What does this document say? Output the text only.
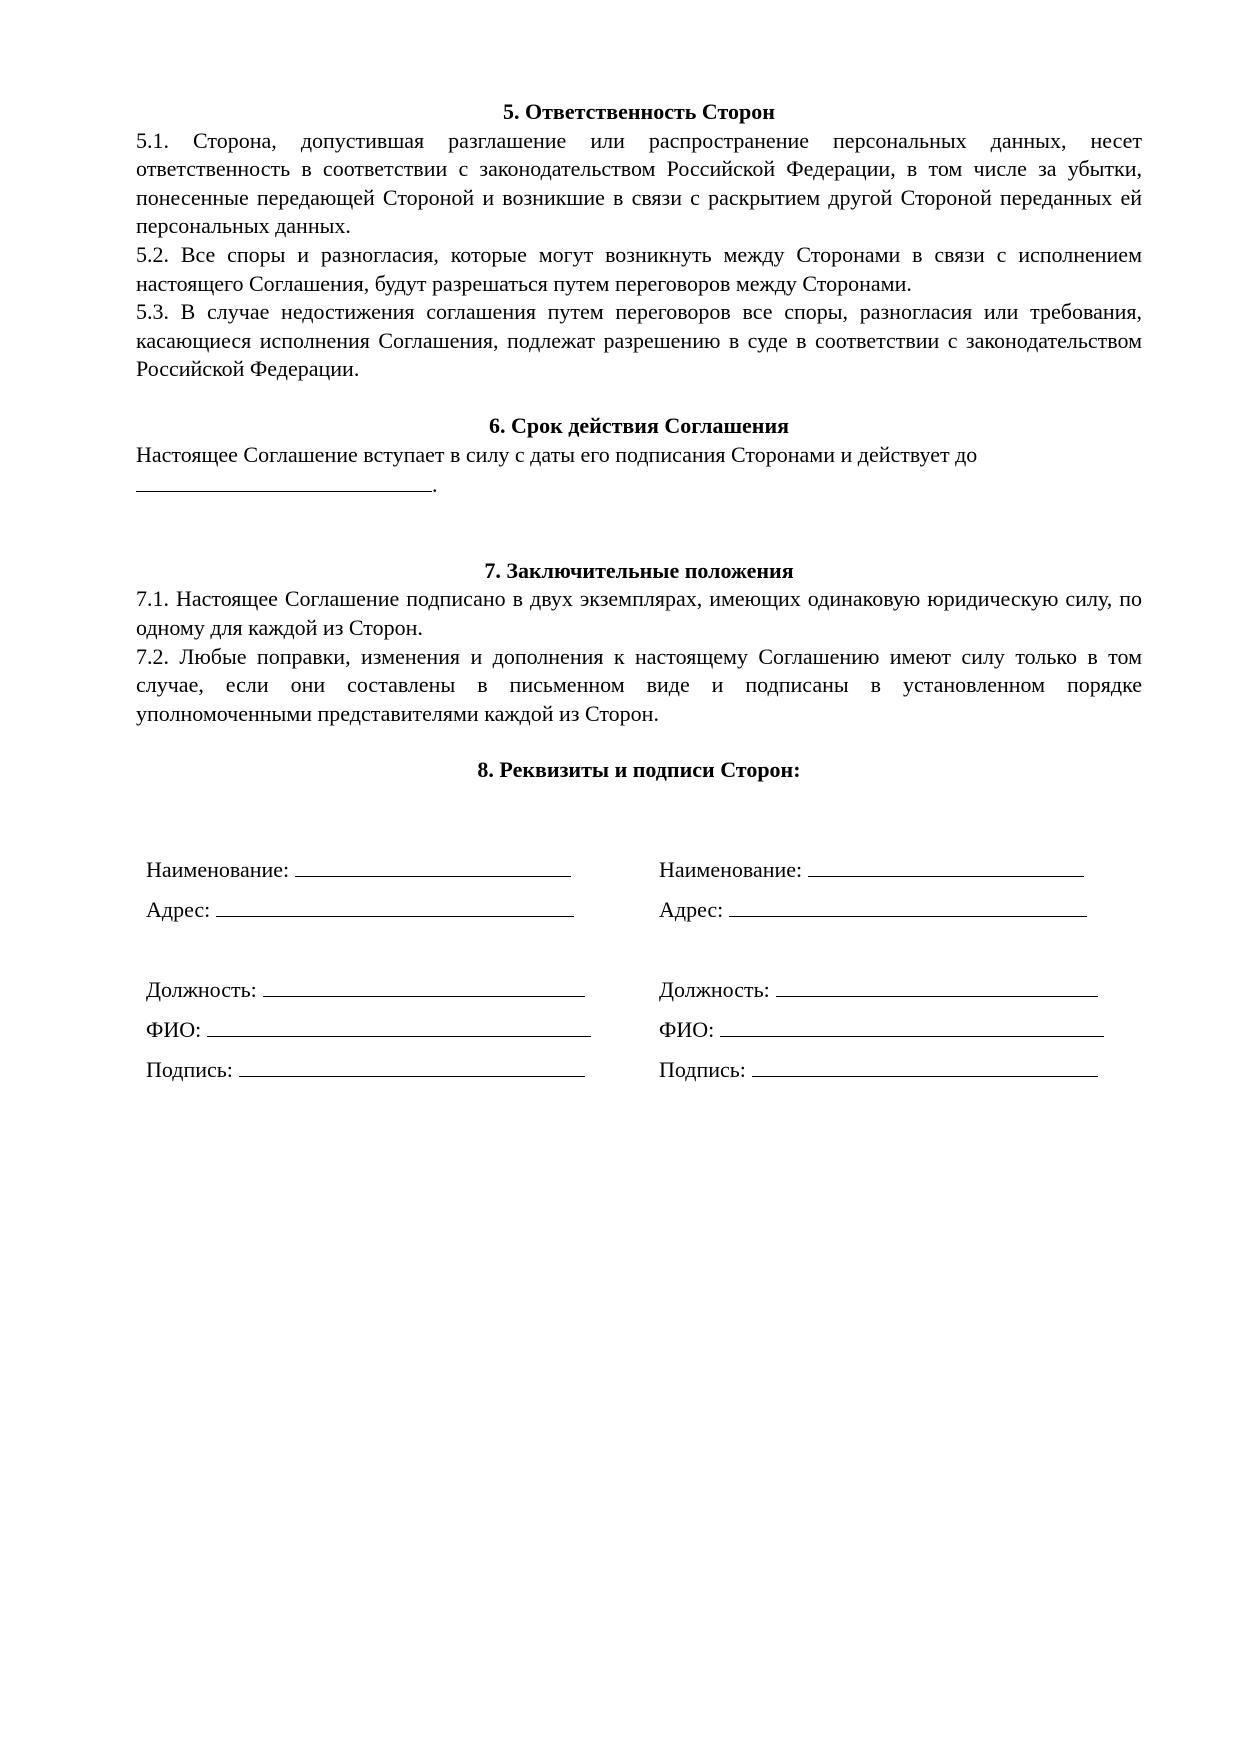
5. Ответственность Сторон

5.1. Сторона, допустившая разглашение или распространение персональных данных, несет ответственность в соответствии с законодательством Российской Федерации, в том числе за убытки, понесенные передающей Стороной и возникшие в связи с раскрытием другой Стороной переданных ей персональных данных.

5.2. Все споры и разногласия, которые могут возникнуть между Сторонами в связи с исполнением настоящего Соглашения, будут разрешаться путем переговоров между Сторонами.

5.3. В случае недостижения соглашения путем переговоров все споры, разногласия или требования, касающиеся исполнения Соглашения, подлежат разрешению в суде в соответствии с законодательством Российской Федерации.

6. Срок действия Соглашения

Настоящее Соглашение вступает в силу с даты его подписания Сторонами и действует до
.

7. Заключительные положения

7.1. Настоящее Соглашение подписано в двух экземплярах, имеющих одинаковую юридическую силу, по одному для каждой из Сторон.

7.2. Любые поправки, изменения и дополнения к настоящему Соглашению имеют силу только в том случае, если они составлены в письменном виде и подписаны в установленном порядке уполномоченными представителями каждой из Сторон.

8. Реквизиты и подписи Сторон:

Наименование:
Адрес:
Должность:
ФИО:
Подпись:
Наименование:
Адрес:
Должность:
ФИО:
Подпись:
